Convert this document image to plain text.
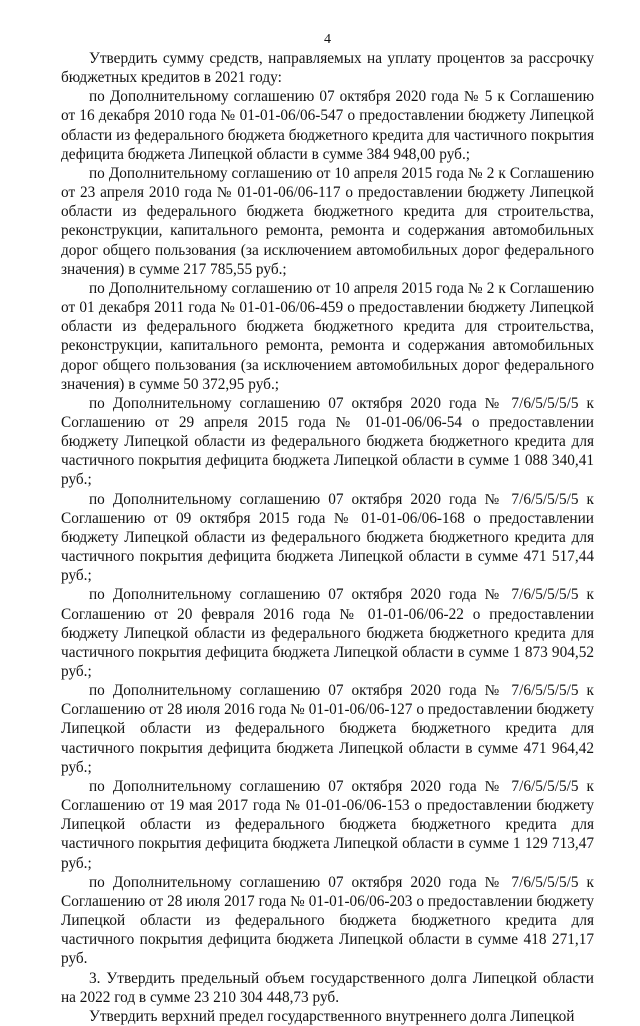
4

Утвердить сумму средств, направляемых на уплату процентов за рассрочку бюджетных кредитов в 2021 году:

по Дополнительному соглашению 07 октября 2020 года № 5 к Соглашению от 16 декабря 2010 года № 01-01-06/06-547 о предоставлении бюджету Липецкой области из федерального бюджета бюджетного кредита для частичного покрытия дефицита бюджета Липецкой области в сумме 384 948,00 руб.;

по Дополнительному соглашению от 10 апреля 2015 года № 2 к Соглашению от 23 апреля 2010 года № 01-01-06/06-117 о предоставлении бюджету Липецкой области из федерального бюджета бюджетного кредита для строительства, реконструкции, капитального ремонта, ремонта и содержания автомобильных дорог общего пользования (за исключением автомобильных дорог федерального значения) в сумме 217 785,55 руб.;

по Дополнительному соглашению от 10 апреля 2015 года № 2 к Соглашению от 01 декабря 2011 года № 01-01-06/06-459 о предоставлении бюджету Липецкой области из федерального бюджета бюджетного кредита для строительства, реконструкции, капитального ремонта, ремонта и содержания автомобильных дорог общего пользования (за исключением автомобильных дорог федерального значения) в сумме 50 372,95 руб.;

по Дополнительному соглашению 07 октября 2020 года № 7/6/5/5/5/5 к Соглашению от 29 апреля 2015 года № 01-01-06/06-54 о предоставлении бюджету Липецкой области из федерального бюджета бюджетного кредита для частичного покрытия дефицита бюджета Липецкой области в сумме 1 088 340,41 руб.;

по Дополнительному соглашению 07 октября 2020 года № 7/6/5/5/5/5 к Соглашению от 09 октября 2015 года № 01-01-06/06-168 о предоставлении бюджету Липецкой области из федерального бюджета бюджетного кредита для частичного покрытия дефицита бюджета Липецкой области в сумме 471 517,44 руб.;

по Дополнительному соглашению 07 октября 2020 года № 7/6/5/5/5/5 к Соглашению от 20 февраля 2016 года № 01-01-06/06-22 о предоставлении бюджету Липецкой области из федерального бюджета бюджетного кредита для частичного покрытия дефицита бюджета Липецкой области в сумме 1 873 904,52 руб.;

по Дополнительному соглашению 07 октября 2020 года № 7/6/5/5/5/5 к Соглашению от 28 июля 2016 года № 01-01-06/06-127 о предоставлении бюджету Липецкой области из федерального бюджета бюджетного кредита для частичного покрытия дефицита бюджета Липецкой области в сумме 471 964,42 руб.;

по Дополнительному соглашению 07 октября 2020 года № 7/6/5/5/5/5 к Соглашению от 19 мая 2017 года № 01-01-06/06-153 о предоставлении бюджету Липецкой области из федерального бюджета бюджетного кредита для частичного покрытия дефицита бюджета Липецкой области в сумме 1 129 713,47 руб.;

по Дополнительному соглашению 07 октября 2020 года № 7/6/5/5/5/5 к Соглашению от 28 июля 2017 года № 01-01-06/06-203 о предоставлении бюджету Липецкой области из федерального бюджета бюджетного кредита для частичного покрытия дефицита бюджета Липецкой области в сумме 418 271,17 руб.

3. Утвердить предельный объем государственного долга Липецкой области на 2022 год в сумме 23 210 304 448,73 руб.

Утвердить верхний предел государственного внутреннего долга Липецкой
